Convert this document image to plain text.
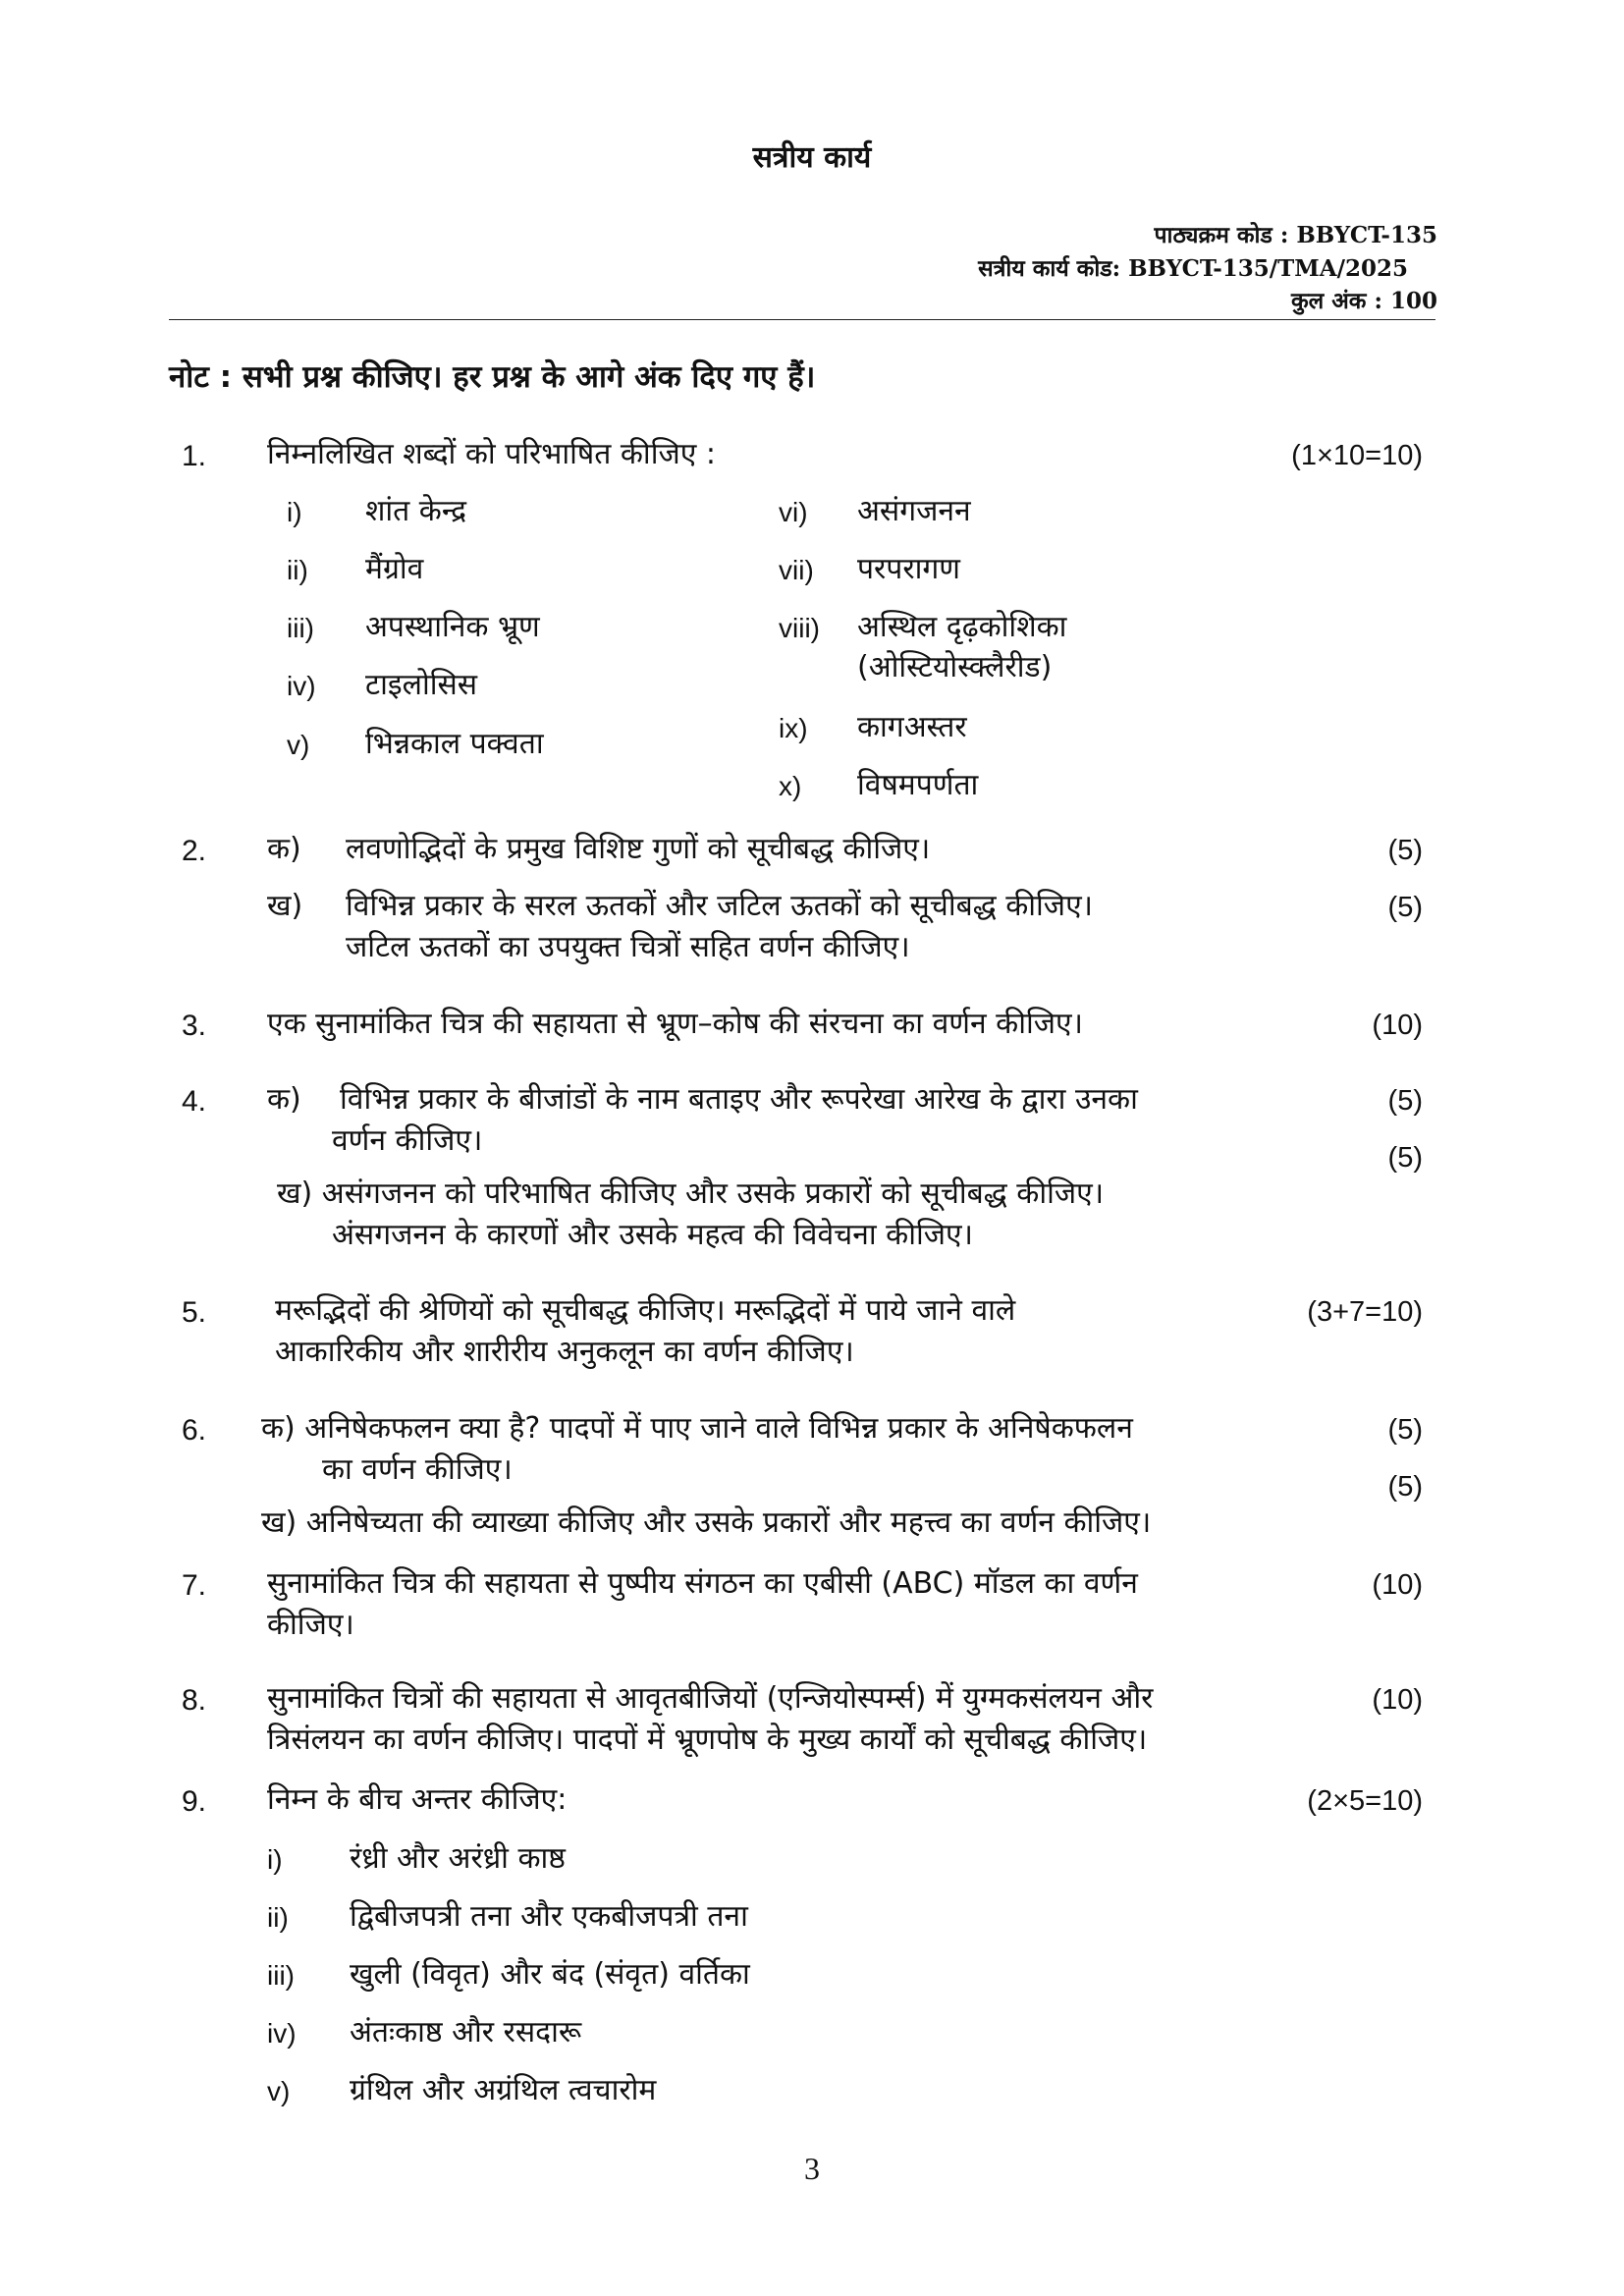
सत्रीय कार्य
पाठ्यक्रम कोड : BBYCT-135
सत्रीय कार्य कोड: BBYCT-135/TMA/2025
कुल अंक : 100
नोट : सभी प्रश्न कीजिए। हर प्रश्न के आगे अंक दिए गए हैं।
1. निम्नलिखित शब्दों को परिभाषित कीजिए :	(1×10=10)
i) शांत केन्द्र
ii) मैंग्रोव
iii) अपस्थानिक भ्रूण
iv) टाइलोसिस
v) भिन्नकाल पक्वता
vi) असंगजनन
vii) परपरागण
viii) अस्थिल दृढ़कोशिका
(ओस्टियोस्क्लैरीड)
ix) कागअस्तर
x) विषमपर्णता
2. क) लवणोद्भिदों के प्रमुख विशिष्ट गुणों को सूचीबद्ध कीजिए।	(5)
ख) विभिन्न प्रकार के सरल ऊतकों और जटिल ऊतकों को सूचीबद्ध कीजिए।
जटिल ऊतकों का उपयुक्त चित्रों सहित वर्णन कीजिए।
(5)
3. एक सुनामांकित चित्र की सहायता से भ्रूण–कोष की संरचना का वर्णन कीजिए।	(10)
4. क) विभिन्न प्रकार के बीजांडों के नाम बताइए और रूपरेखा आरेख के द्वारा उनका
वर्णन कीजिए।
(5)
(5)
ख) असंगजनन को परिभाषित कीजिए और उसके प्रकारों को सूचीबद्ध कीजिए।
अंसगजनन के कारणों और उसके महत्व की विवेचना कीजिए।
5. मरूद्भिदों की श्रेणियों को सूचीबद्ध कीजिए। मरूद्भिदों में पाये जाने वाले
आकारिकीय और शारीरीय अनुकलून का वर्णन कीजिए।
(3+7=10)
6. क) अनिषेकफलन क्या है? पादपों में पाए जाने वाले विभिन्न प्रकार के अनिषेकफलन
का वर्णन कीजिए।
(5)
(5)
ख) अनिषेच्यता की व्याख्या कीजिए और उसके प्रकारों और महत्त्व का वर्णन कीजिए।
7. सुनामांकित चित्र की सहायता से पुष्पीय संगठन का एबीसी (ABC) मॉडल का वर्णन
कीजिए।
(10)
8. सुनामांकित चित्रों की सहायता से आवृतबीजियों (एन्जियोस्पर्म्स) में युग्मकसंलयन और
त्रिसंलयन का वर्णन कीजिए। पादपों में भ्रूणपोष के मुख्य कार्यों को सूचीबद्ध कीजिए।
(10)
9. निम्न के बीच अन्तर कीजिए:	(2×5=10)
i) रंध्री और अरंध्री काष्ठ
ii) द्विबीजपत्री तना और एकबीजपत्री तना
iii) खुली (विवृत) और बंद (संवृत) वर्तिका
iv) अंतःकाष्ठ और रसदारू
v) ग्रंथिल और अग्रंथिल त्वचारोम
3
